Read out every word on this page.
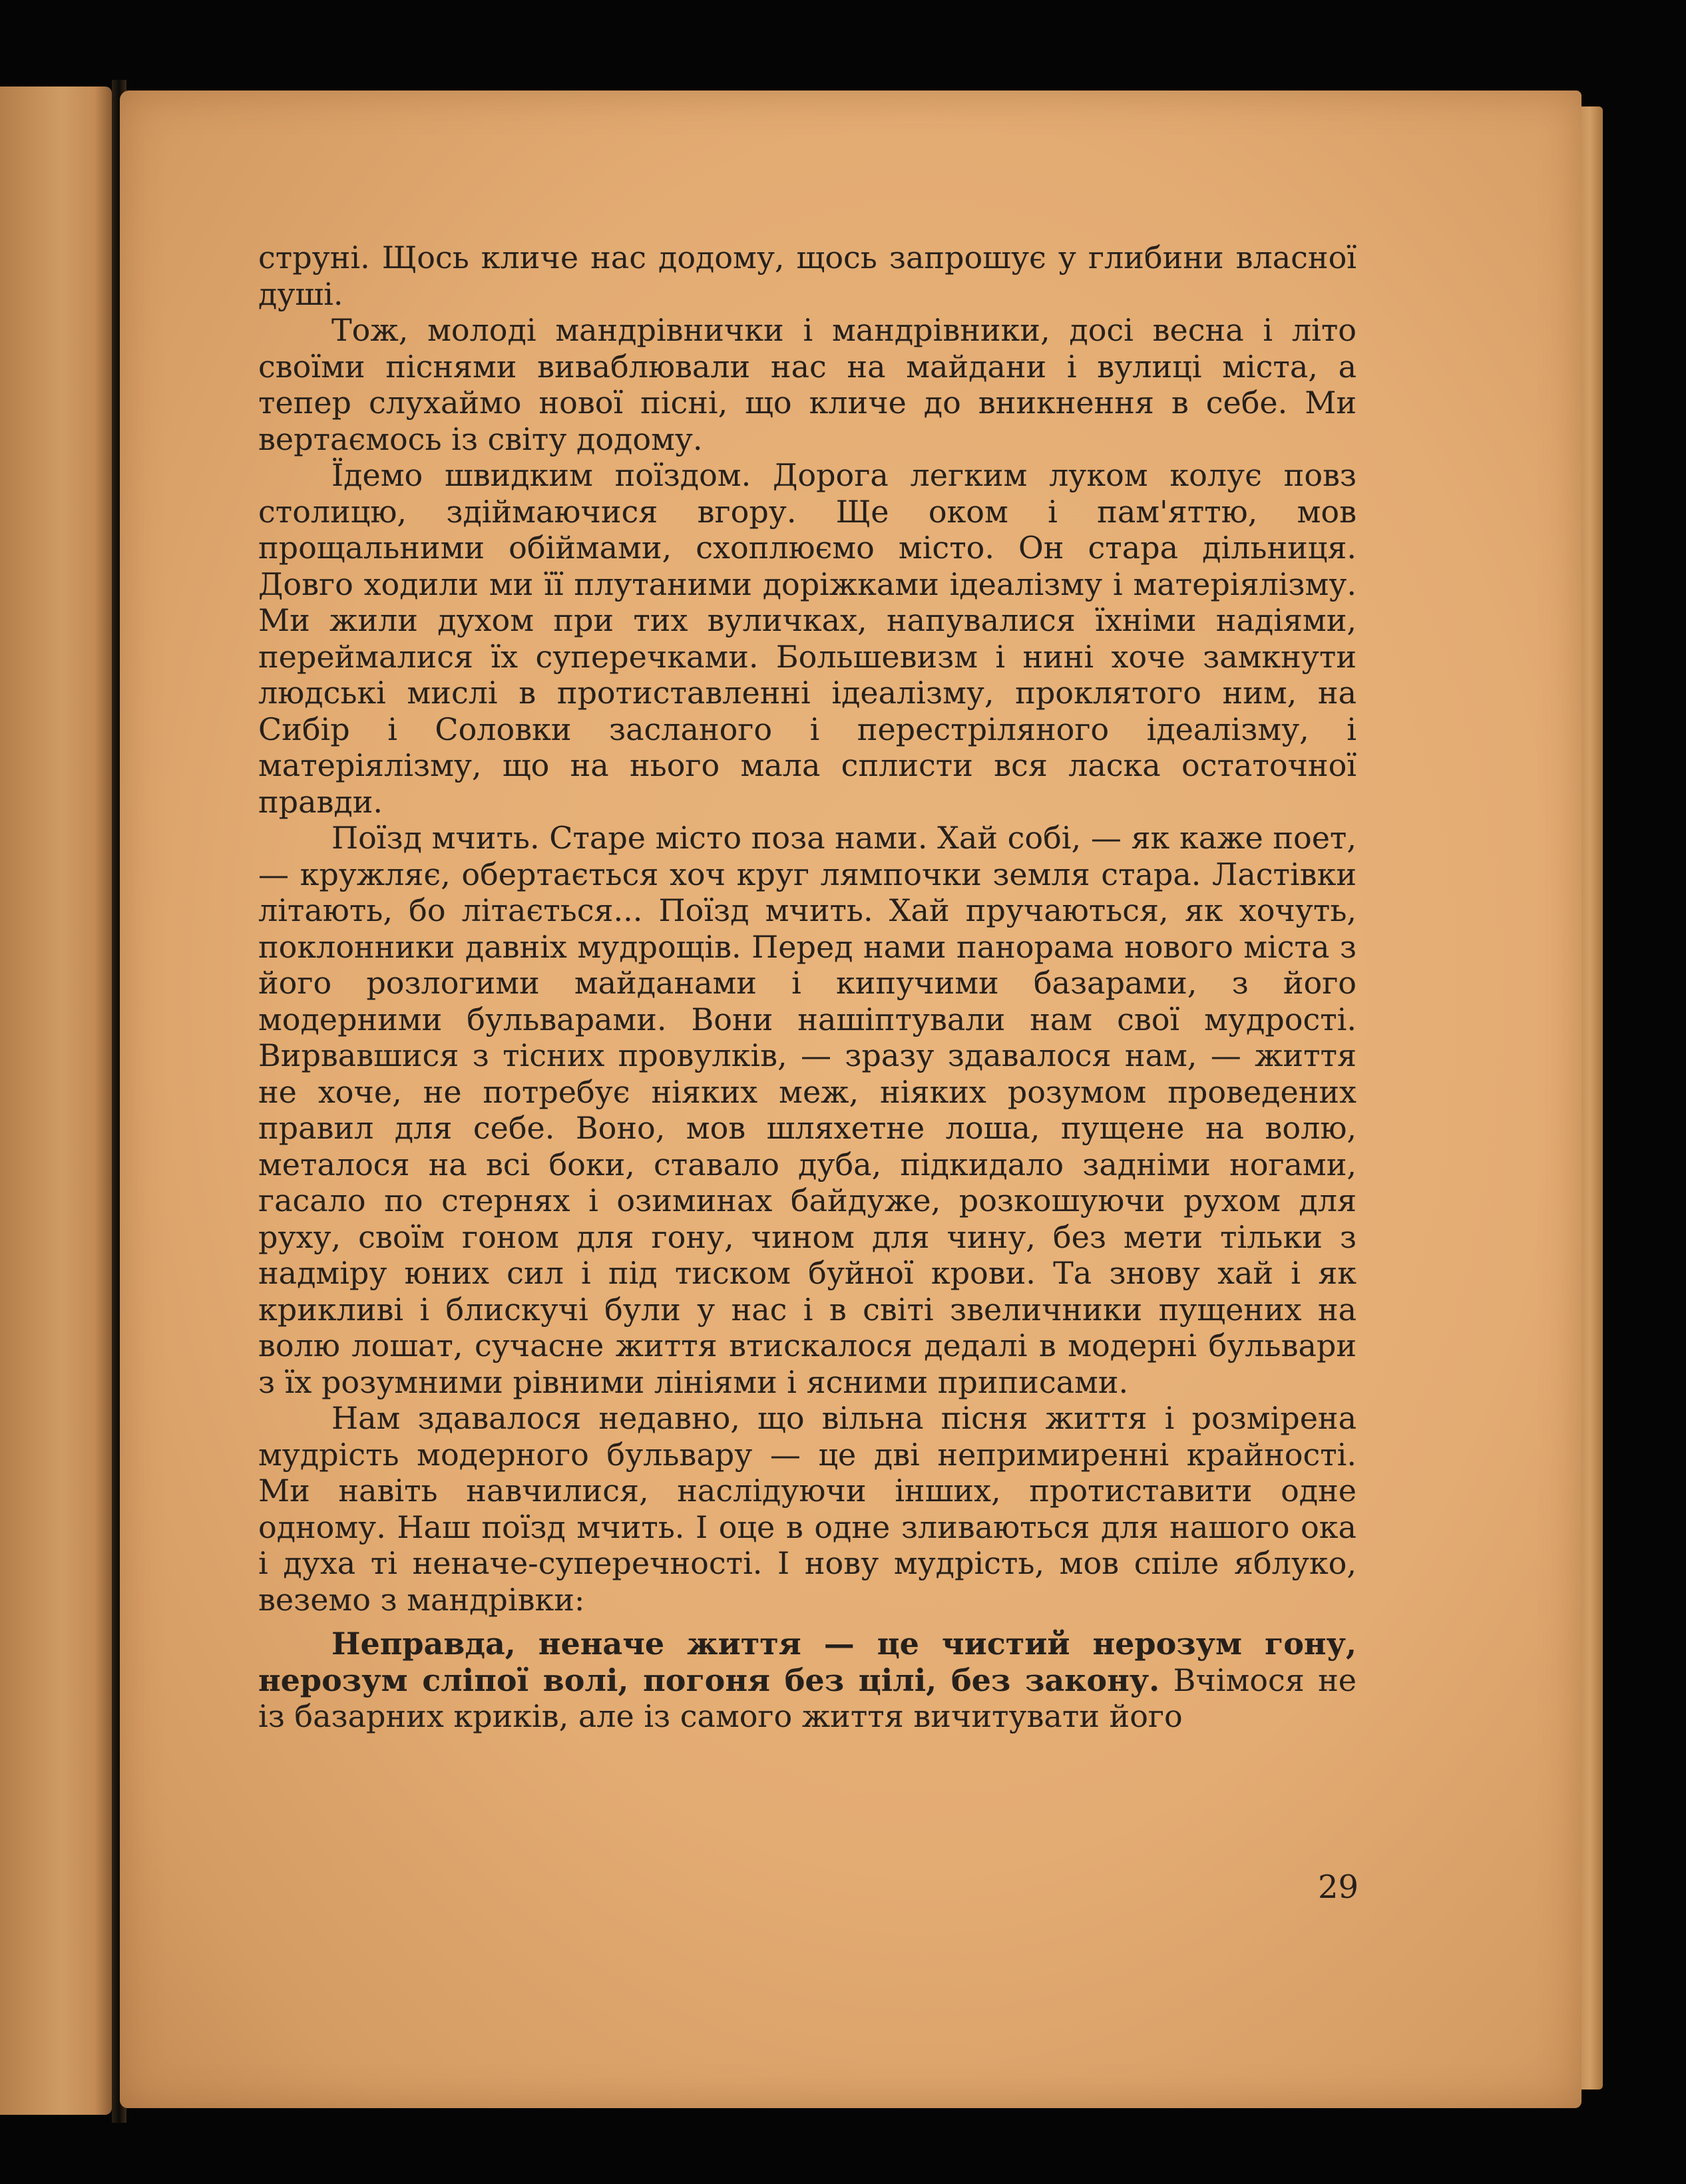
струні. Щось кличе нас додому, щось запрошує у глибини власної душі.

Тож, молоді мандрівнички і мандрівники, досі весна і літо своїми піснями виваблювали нас на майдани і вулиці міста, а тепер слухаймо нової пісні, що кличе до вникнення в себе. Ми вертаємось із світу додому.

Їдемо швидким поїздом. Дорога легким луком колує повз столицю, здіймаючися вгору. Ще оком і пам'яттю, мов прощальними обіймами, схоплюємо місто. Он стара дільниця. Довго ходили ми її плутаними доріжками ідеалізму і матеріялізму. Ми жили духом при тих вуличках, напувалися їхніми надіями, переймалися їх суперечками. Большевизм і нині хоче замкнути людські мислі в протиставленні ідеалізму, проклятого ним, на Сибір і Соловки засланого і перестріляного ідеалізму, і матеріялізму, що на нього мала сплисти вся ласка остаточної правди.

Поїзд мчить. Старе місто поза нами. Хай собі, — як каже поет, — кружляє, обертається хоч круг лямпочки земля стара. Ластівки літають, бо літається... Поїзд мчить. Хай пручаються, як хочуть, поклонники давніх мудрощів. Перед нами панорама нового міста з його розлогими майданами і кипучими базарами, з його модерними бульварами. Вони нашіптували нам свої мудрості. Вирвавшися з тісних провулків, — зразу здавалося нам, — життя не хоче, не потребує ніяких меж, ніяких розумом проведених правил для себе. Воно, мов шляхетне лоша, пущене на волю, металося на всі боки, ставало дуба, підкидало задніми ногами, гасало по стернях і озиминах байдуже, розкошуючи рухом для руху, своїм гоном для гону, чином для чину, без мети тільки з надміру юних сил і під тиском буйної крови. Та знову хай і як крикливі і блискучі були у нас і в світі звеличники пущених на волю лошат, сучасне життя втискалося дедалі в модерні бульвари з їх розумними рівними лініями і ясними приписами.

Нам здавалося недавно, що вільна пісня життя і розмірена мудрість модерного бульвару — це дві непримиренні крайності. Ми навіть навчилися, наслідуючи інших, протиставити одне одному. Наш поїзд мчить. І оце в одне зливаються для нашого ока і духа ті неначе-суперечності. І нову мудрість, мов спіле яблуко, веземо з мандрівки:

Неправда, неначе життя — це чистий нерозум гону, нерозум сліпої волі, погоня без цілі, без закону. Вчімося не із базарних криків, але із самого життя вичитувати його

29
